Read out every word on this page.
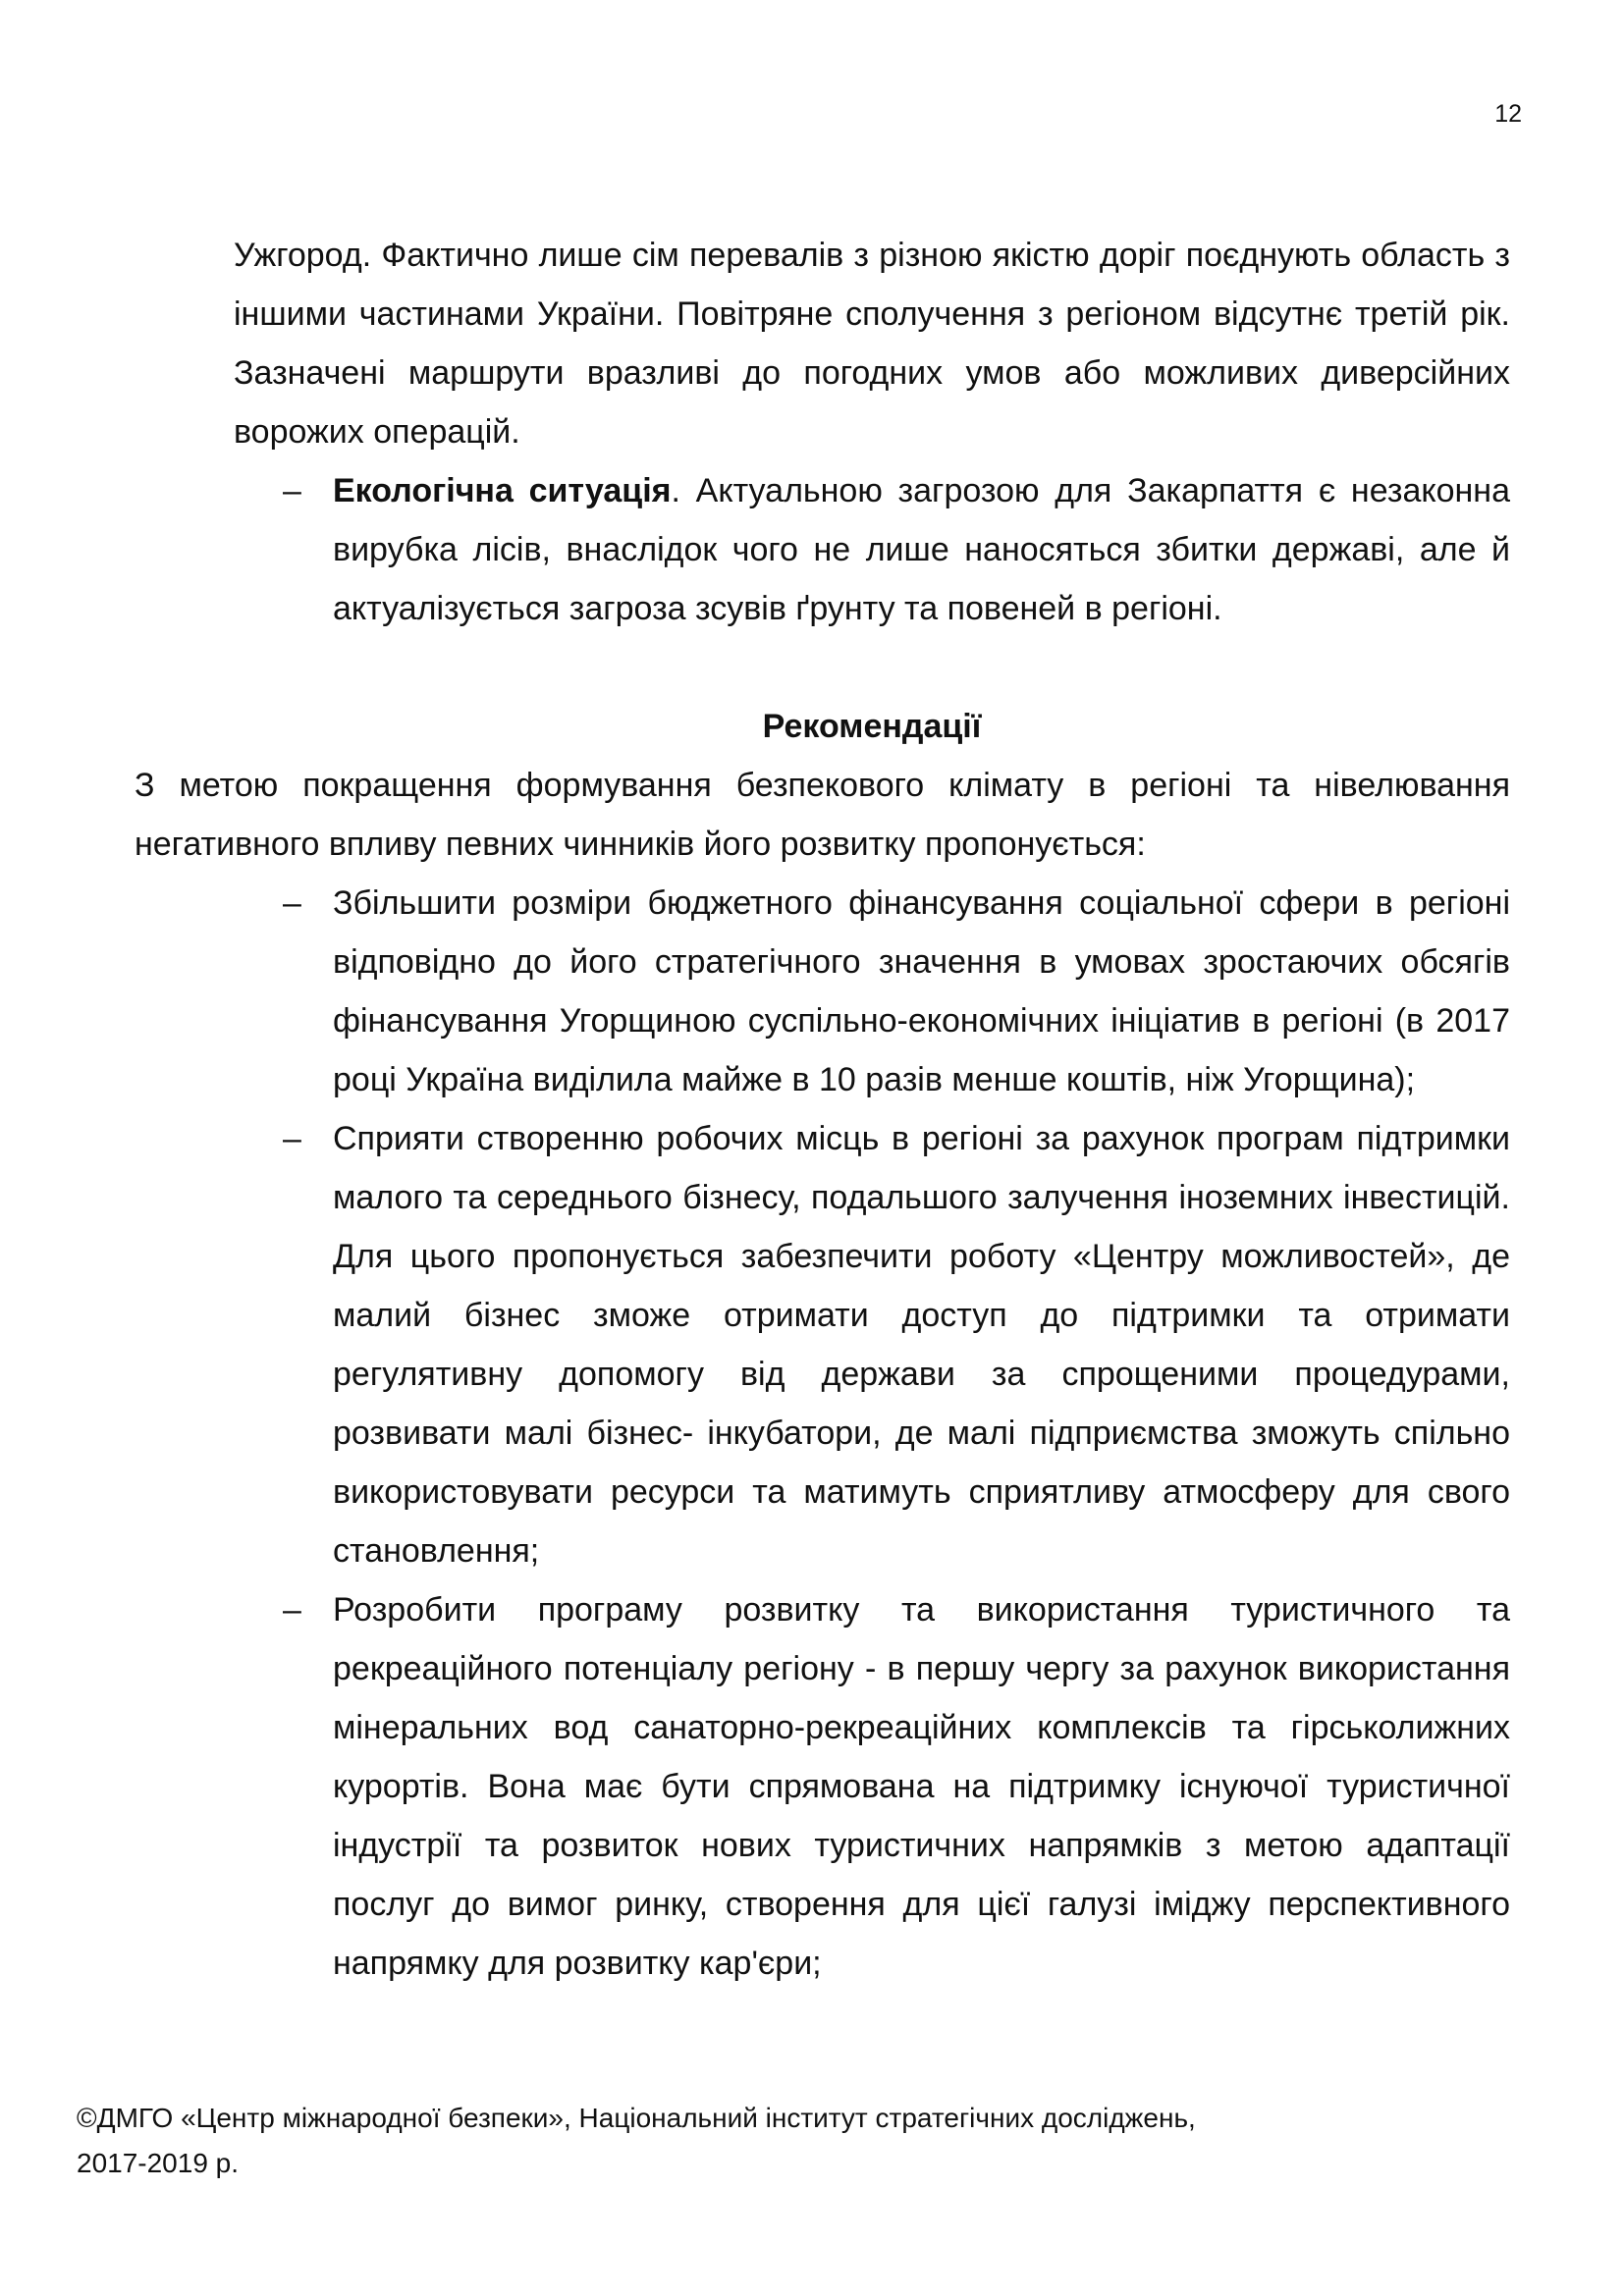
12

Ужгород. Фактично лише сім перевалів з різною якістю доріг поєднують область з іншими частинами України. Повітряне сполучення з регіоном відсутнє третій рік. Зазначені маршрути вразливі до погодних умов або можливих диверсійних ворожих операцій.

– Екологічна ситуація. Актуальною загрозою для Закарпаття є незаконна вирубка лісів, внаслідок чого не лише наносяться збитки державі, але й актуалізується загроза зсувів ґрунту та повеней в регіоні.
Рекомендації
З метою покращення формування безпекового клімату в регіоні та нівелювання негативного впливу певних чинників його розвитку пропонується:
– Збільшити розміри бюджетного фінансування соціальної сфери в регіоні відповідно до його стратегічного значення в умовах зростаючих обсягів фінансування Угорщиною суспільно-економічних ініціатив в регіоні (в 2017 році Україна виділила майже в 10 разів менше коштів, ніж Угорщина);
– Сприяти створенню робочих місць в регіоні за рахунок програм підтримки малого та середнього бізнесу, подальшого залучення іноземних інвестицій. Для цього пропонується забезпечити роботу «Центру можливостей», де малий бізнес зможе отримати доступ до підтримки та отримати регулятивну допомогу від держави за спрощеними процедурами, розвивати малі бізнес- інкубатори, де малі підприємства зможуть спільно використовувати ресурси та матимуть сприятливу атмосферу для свого становлення;
– Розробити програму розвитку та використання туристичного та рекреаційного потенціалу регіону - в першу чергу за рахунок використання мінеральних вод санаторно-рекреаційних комплексів та гірськолижних курортів. Вона має бути спрямована на підтримку існуючої туристичної індустрії та розвиток нових туристичних напрямків з метою адаптації послуг до вимог ринку, створення для цієї галузі іміджу перспективного напрямку для розвитку кар'єри;
©ДМГО «Центр міжнародної безпеки», Національний інститут стратегічних досліджень,
2017-2019 р.
